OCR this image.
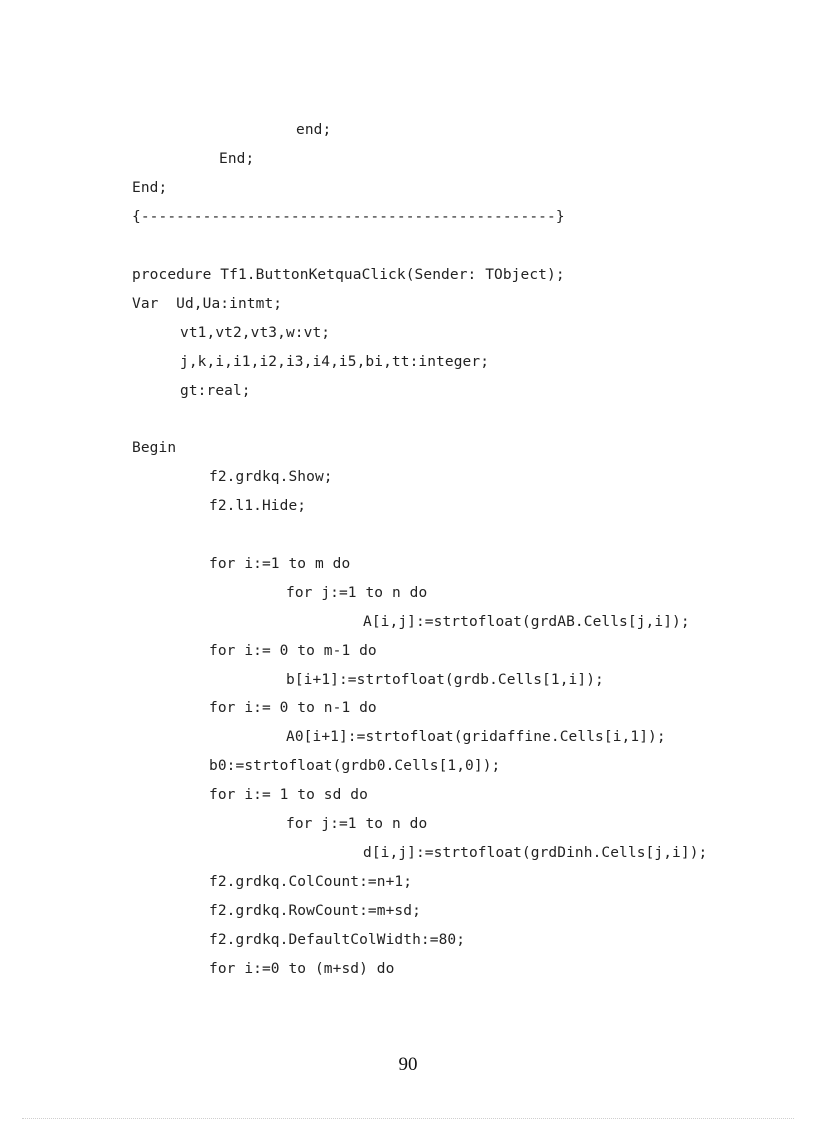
end;
End;
End;
{-----------------------------------------------}
procedure Tf1.ButtonKetquaClick(Sender: TObject);
Var  Ud,Ua:intmt;
vt1,vt2,vt3,w:vt;
j,k,i,i1,i2,i3,i4,i5,bi,tt:integer;
gt:real;
Begin
f2.grdkq.Show;
f2.l1.Hide;
for i:=1 to m do
for j:=1 to n do
A[i,j]:=strtofloat(grdAB.Cells[j,i]);
for i:= 0 to m-1 do
b[i+1]:=strtofloat(grdb.Cells[1,i]);
for i:= 0 to n-1 do
A0[i+1]:=strtofloat(gridaffine.Cells[i,1]);
b0:=strtofloat(grdb0.Cells[1,0]);
for i:= 1 to sd do
for j:=1 to n do
d[i,j]:=strtofloat(grdDinh.Cells[j,i]);
f2.grdkq.ColCount:=n+1;
f2.grdkq.RowCount:=m+sd;
f2.grdkq.DefaultColWidth:=80;
for i:=0 to (m+sd) do
90
